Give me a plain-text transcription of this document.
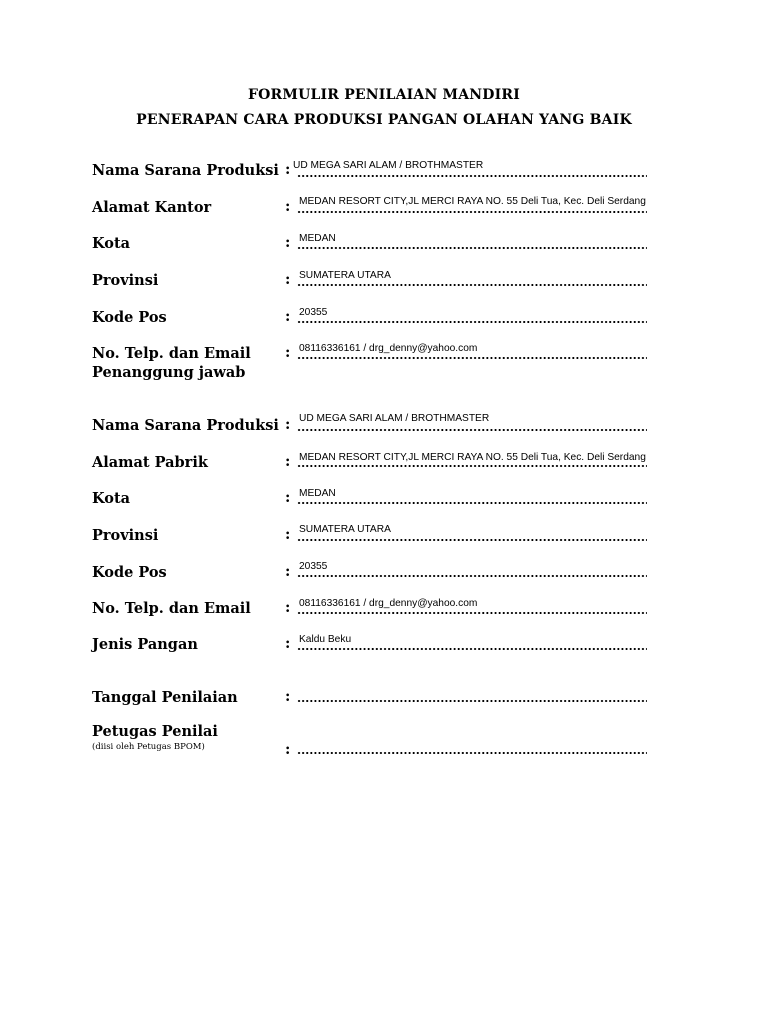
FORMULIR PENILAIAN MANDIRI
PENERAPAN CARA PRODUKSI PANGAN OLAHAN YANG BAIK
Nama Sarana Produksi : UD MEGA SARI ALAM / BROTHMASTER
Alamat Kantor	: MEDAN RESORT CITY,JL MERCI RAYA NO. 55 Deli Tua, Kec. Deli Serdang
Kota	: MEDAN
Provinsi	: SUMATERA UTARA
Kode Pos	: 20355
No. Telp. dan Email
Penanggung jawab
: 08116336161 / drg_denny@yahoo.com
Nama Sarana Produksi : UD MEGA SARI ALAM / BROTHMASTER
Alamat Pabrik	: MEDAN RESORT CITY,JL MERCI RAYA NO. 55 Deli Tua, Kec. Deli Serdang
Kota	: MEDAN
Provinsi	: SUMATERA UTARA
Kode Pos	: 20355
No. Telp. dan Email : 08116336161 / drg_denny@yahoo.com
Jenis Pangan	: Kaldu Beku
Tanggal Penilaian	:
Petugas Penilai
(diisi oleh Petugas BPOM)	:
